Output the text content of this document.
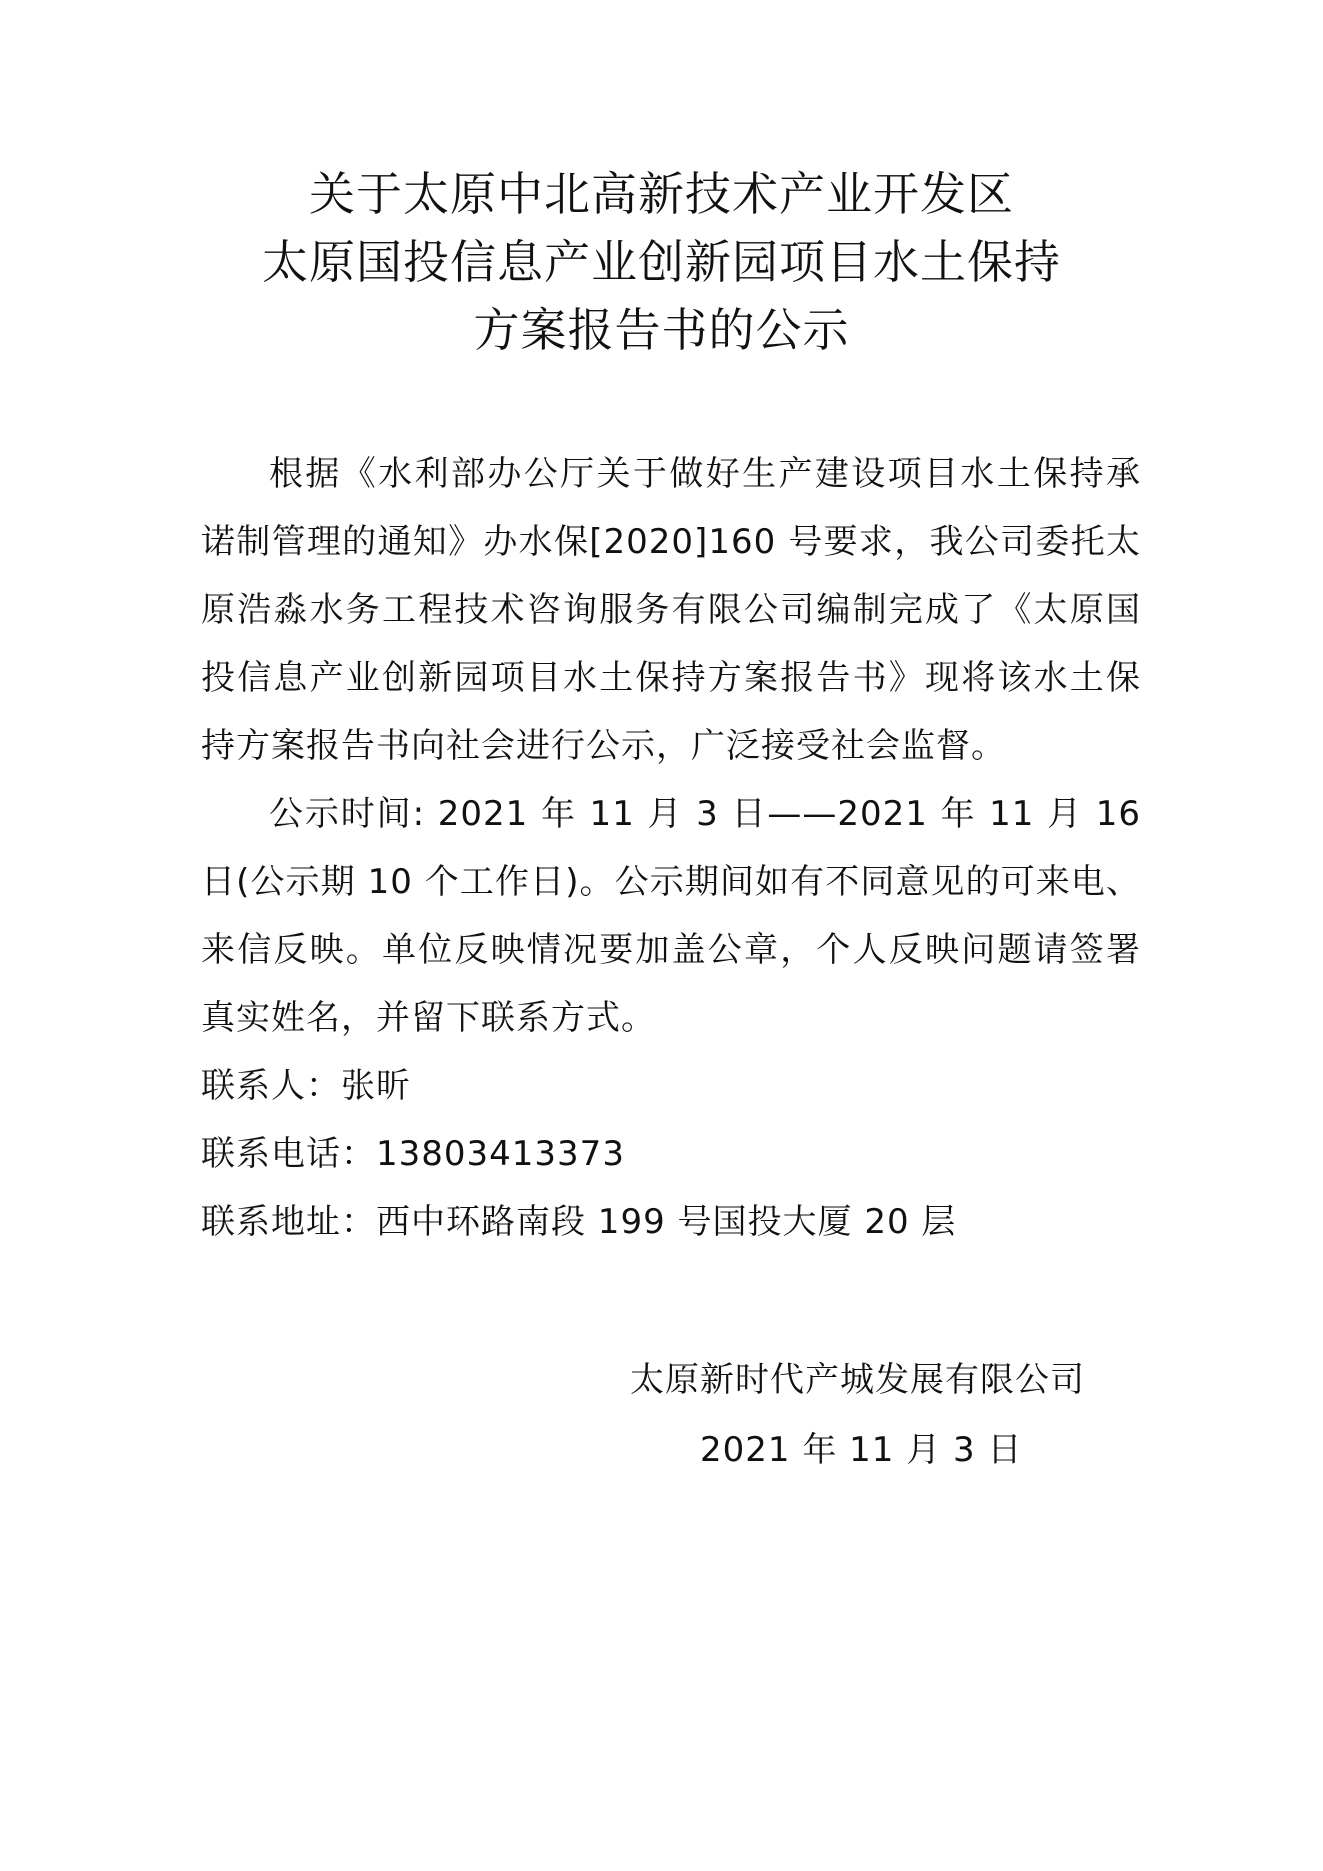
关于太原中北高新技术产业开发区
太原国投信息产业创新园项目水土保持
方案报告书的公示

根据《水利部办公厅关于做好生产建设项目水土保持承诺制管理的通知》办水保[2020]160 号要求，我公司委托太原浩淼水务工程技术咨询服务有限公司编制完成了《太原国投信息产业创新园项目水土保持方案报告书》现将该水土保持方案报告书向社会进行公示，广泛接受社会监督。

公示时间: 2021 年 11 月 3 日——2021 年 11 月 16 日(公示期 10 个工作日)。公示期间如有不同意见的可来电、来信反映。单位反映情况要加盖公章，个人反映问题请签署真实姓名，并留下联系方式。

联系人：张昕

联系电话：13803413373

联系地址：西中环路南段 199 号国投大厦 20 层

太原新时代产城发展有限公司
2021 年 11 月 3 日
